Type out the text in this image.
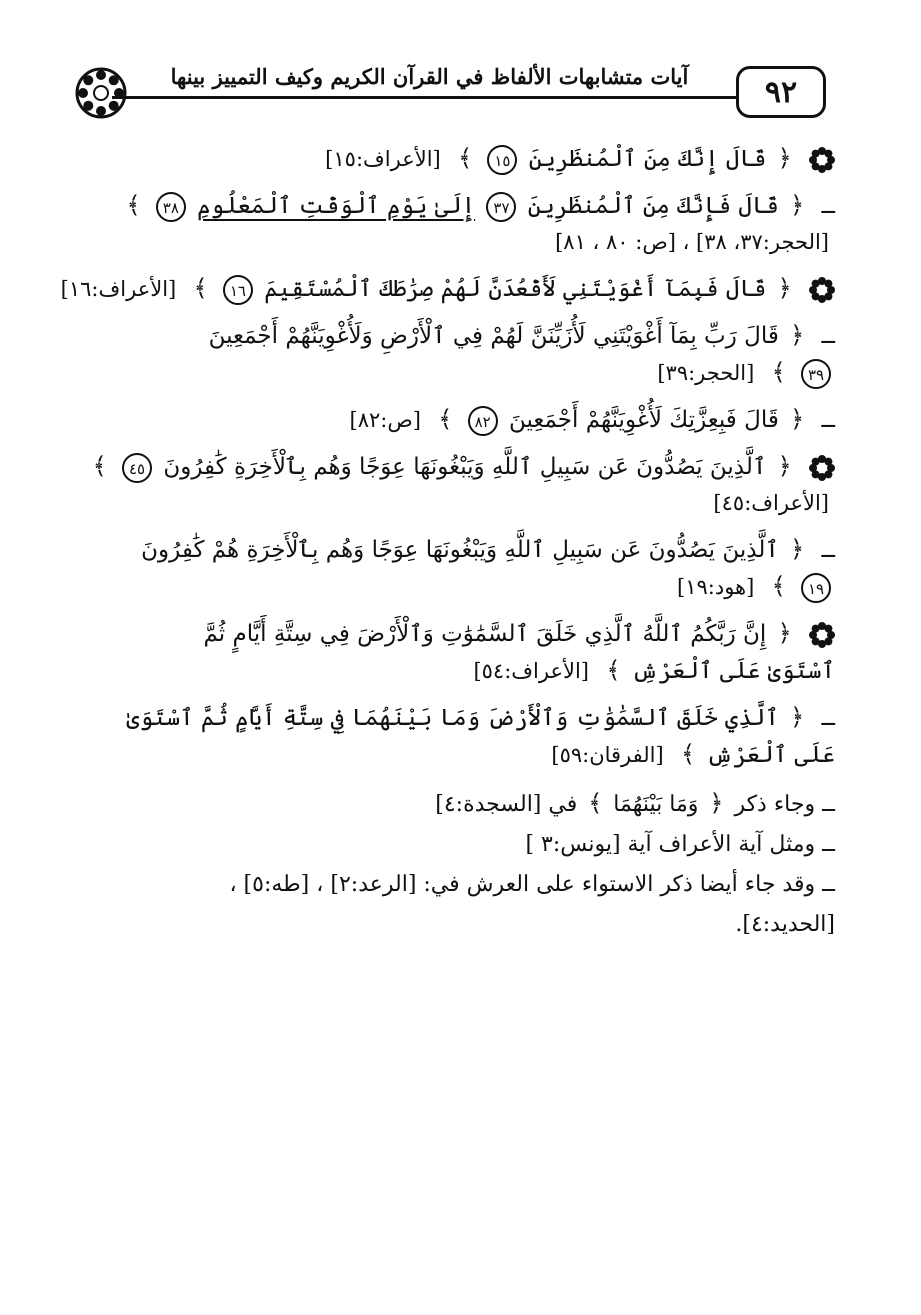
آيات متشابهات الألفاظ في القرآن الكريم وكيف التمييز بينها	٩٢
﴿ قَالَ إِنَّكَ مِنَ ٱلْمُنظَرِينَ ١٥ ﴾ [الأعراف:١٥]
ــ ﴿ قَالَ فَإِنَّكَ مِنَ ٱلْمُنظَرِينَ ٣٧ إِلَىٰ يَوْمِ ٱلْوَقْتِ ٱلْمَعْلُومِ ٣٨ ﴾
[الحجر:٣٧، ٣٨] ، [ص: ٨٠ ، ٨١]
﴿ قَالَ فَبِمَآ أَغْوَيْتَنِي لَأَقْعُدَنَّ لَهُمْ صِرَٰطَكَ ٱلْمُسْتَقِيمَ ١٦ ﴾ [الأعراف:١٦]
ــ ﴿ قَالَ رَبِّ بِمَآ أَغْوَيْتَنِي لَأُزَيِّنَنَّ لَهُمْ فِي ٱلْأَرْضِ وَلَأُغْوِيَنَّهُمْ أَجْمَعِينَ
٣٩ ﴾ [الحجر:٣٩]
ــ ﴿ قَالَ فَبِعِزَّتِكَ لَأُغْوِيَنَّهُمْ أَجْمَعِينَ ٨٢ ﴾ [ص:٨٢]
﴿ ٱلَّذِينَ يَصُدُّونَ عَن سَبِيلِ ٱللَّهِ وَيَبْغُونَهَا عِوَجًا وَهُم بِٱلْأَخِرَةِ كَٰفِرُونَ ٤٥ ﴾
[الأعراف:٤٥]
ــ ﴿ ٱلَّذِينَ يَصُدُّونَ عَن سَبِيلِ ٱللَّهِ وَيَبْغُونَهَا عِوَجًا وَهُم بِٱلْأَخِرَةِ هُمْ كَٰفِرُونَ
١٩ ﴾ [هود:١٩]
﴿ إِنَّ رَبَّكُمُ ٱللَّهُ ٱلَّذِي خَلَقَ ٱلسَّمَٰوَٰتِ وَٱلْأَرْضَ فِي سِتَّةِ أَيَّامٍ ثُمَّ
ٱسْتَوَىٰ عَلَى ٱلْعَرْشِ ﴾ [الأعراف:٥٤]
ــ ﴿ ٱلَّذِي خَلَقَ ٱلسَّمَٰوَٰتِ وَٱلْأَرْضَ وَمَا بَيْنَهُمَا فِي سِتَّةِ أَيَّامٍ ثُمَّ ٱسْتَوَىٰ
عَلَى ٱلْعَرْشِ ﴾ [الفرقان:٥٩]
ــ وجاء ذكر ﴿ وَمَا بَيْنَهُمَا ﴾ في [السجدة:٤]
ــ ومثل آية الأعراف آية [يونس:٣ ]
ــ وقد جاء أيضا ذكر الاستواء على العرش في: [الرعد:٢] ، [طه:٥] ،
[الحديد:٤].
